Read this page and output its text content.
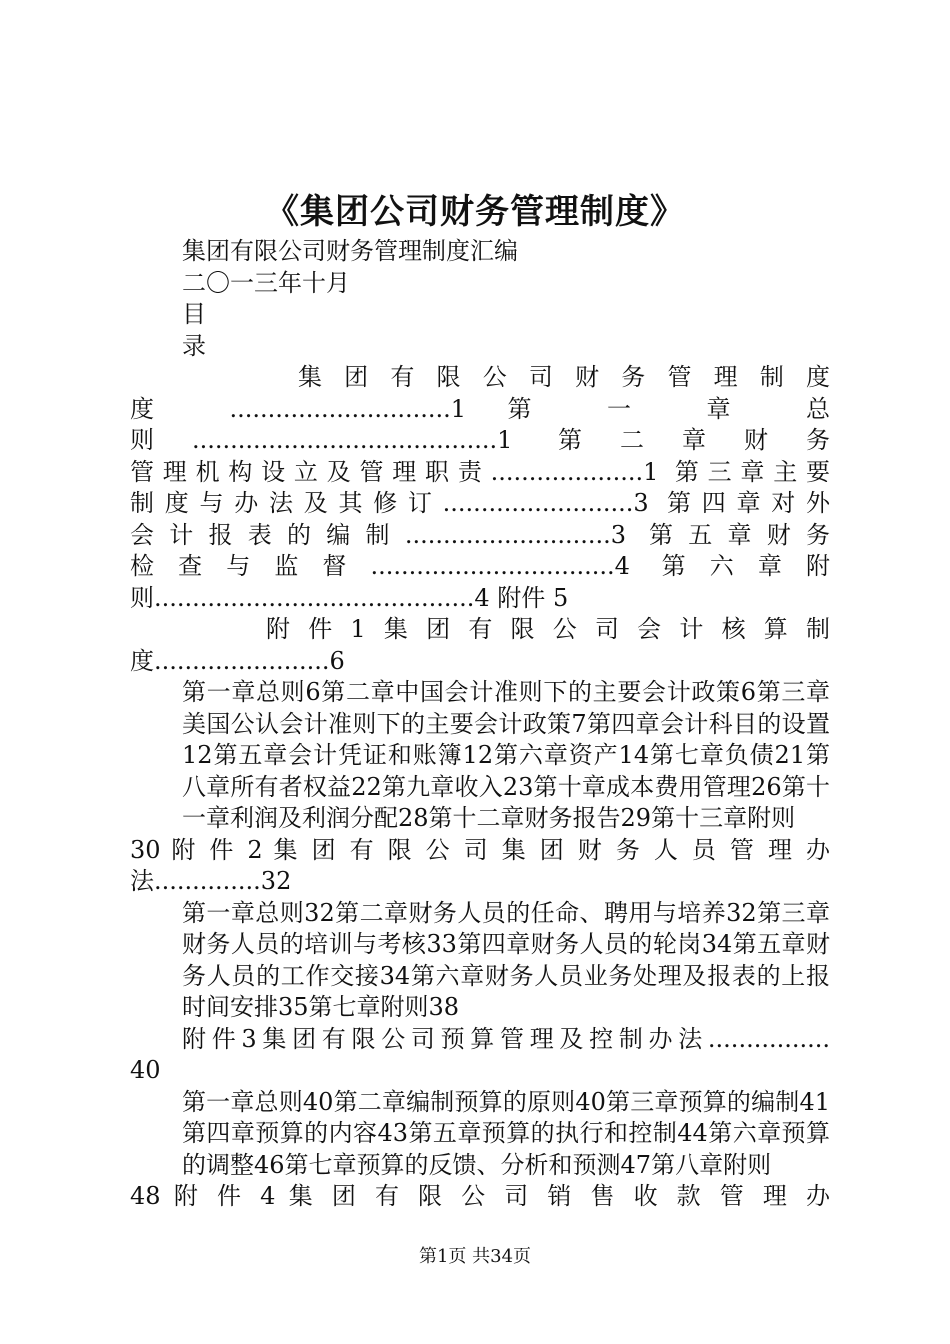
《集团公司财务管理制度》

集团有限公司财务管理制度汇编

二〇一三年十月

目

录

集团有限公司财务管理制度

度 .............................1 第 一 章 总

则........................................1 第二章财务

管理机构设立及管理职责....................1 第三章主要

制度与办法及其修订.........................3 第四章对外

会计报表的编制...........................3 第五章财务

检查与监督................................4 第六章附

则..........................................4 附件 5

附件1集团有限公司会计核算制

度.......................6

第一章总则6第二章中国会计准则下的主要会计政策6第三章美国公认会计准则下的主要会计政策7第四章会计科目的设置12第五章会计凭证和账簿12第六章资产14第七章负债21第八章所有者权益22第九章收入23第十章成本费用管理26第十一章利润及利润分配28第十二章财务报告29第十三章附则

30 附 件 2 集 团 有 限 公 司 集 团 财 务 人 员 管 理 办

法..............32

第一章总则32第二章财务人员的任命、聘用与培养32第三章财务人员的培训与考核33第四章财务人员的轮岗34第五章财务人员的工作交接34第六章财务人员业务处理及报表的上报时间安排35第七章附则38

附件3集团有限公司预算管理及控制办法................

40

第一章总则40第二章编制预算的原则40第三章预算的编制41第四章预算的内容43第五章预算的执行和控制44第六章预算的调整46第七章预算的反馈、分析和预测47第八章附则

48 附 件 4 集 团 有 限 公 司 销 售 收 款 管 理 办

第1页 共34页
